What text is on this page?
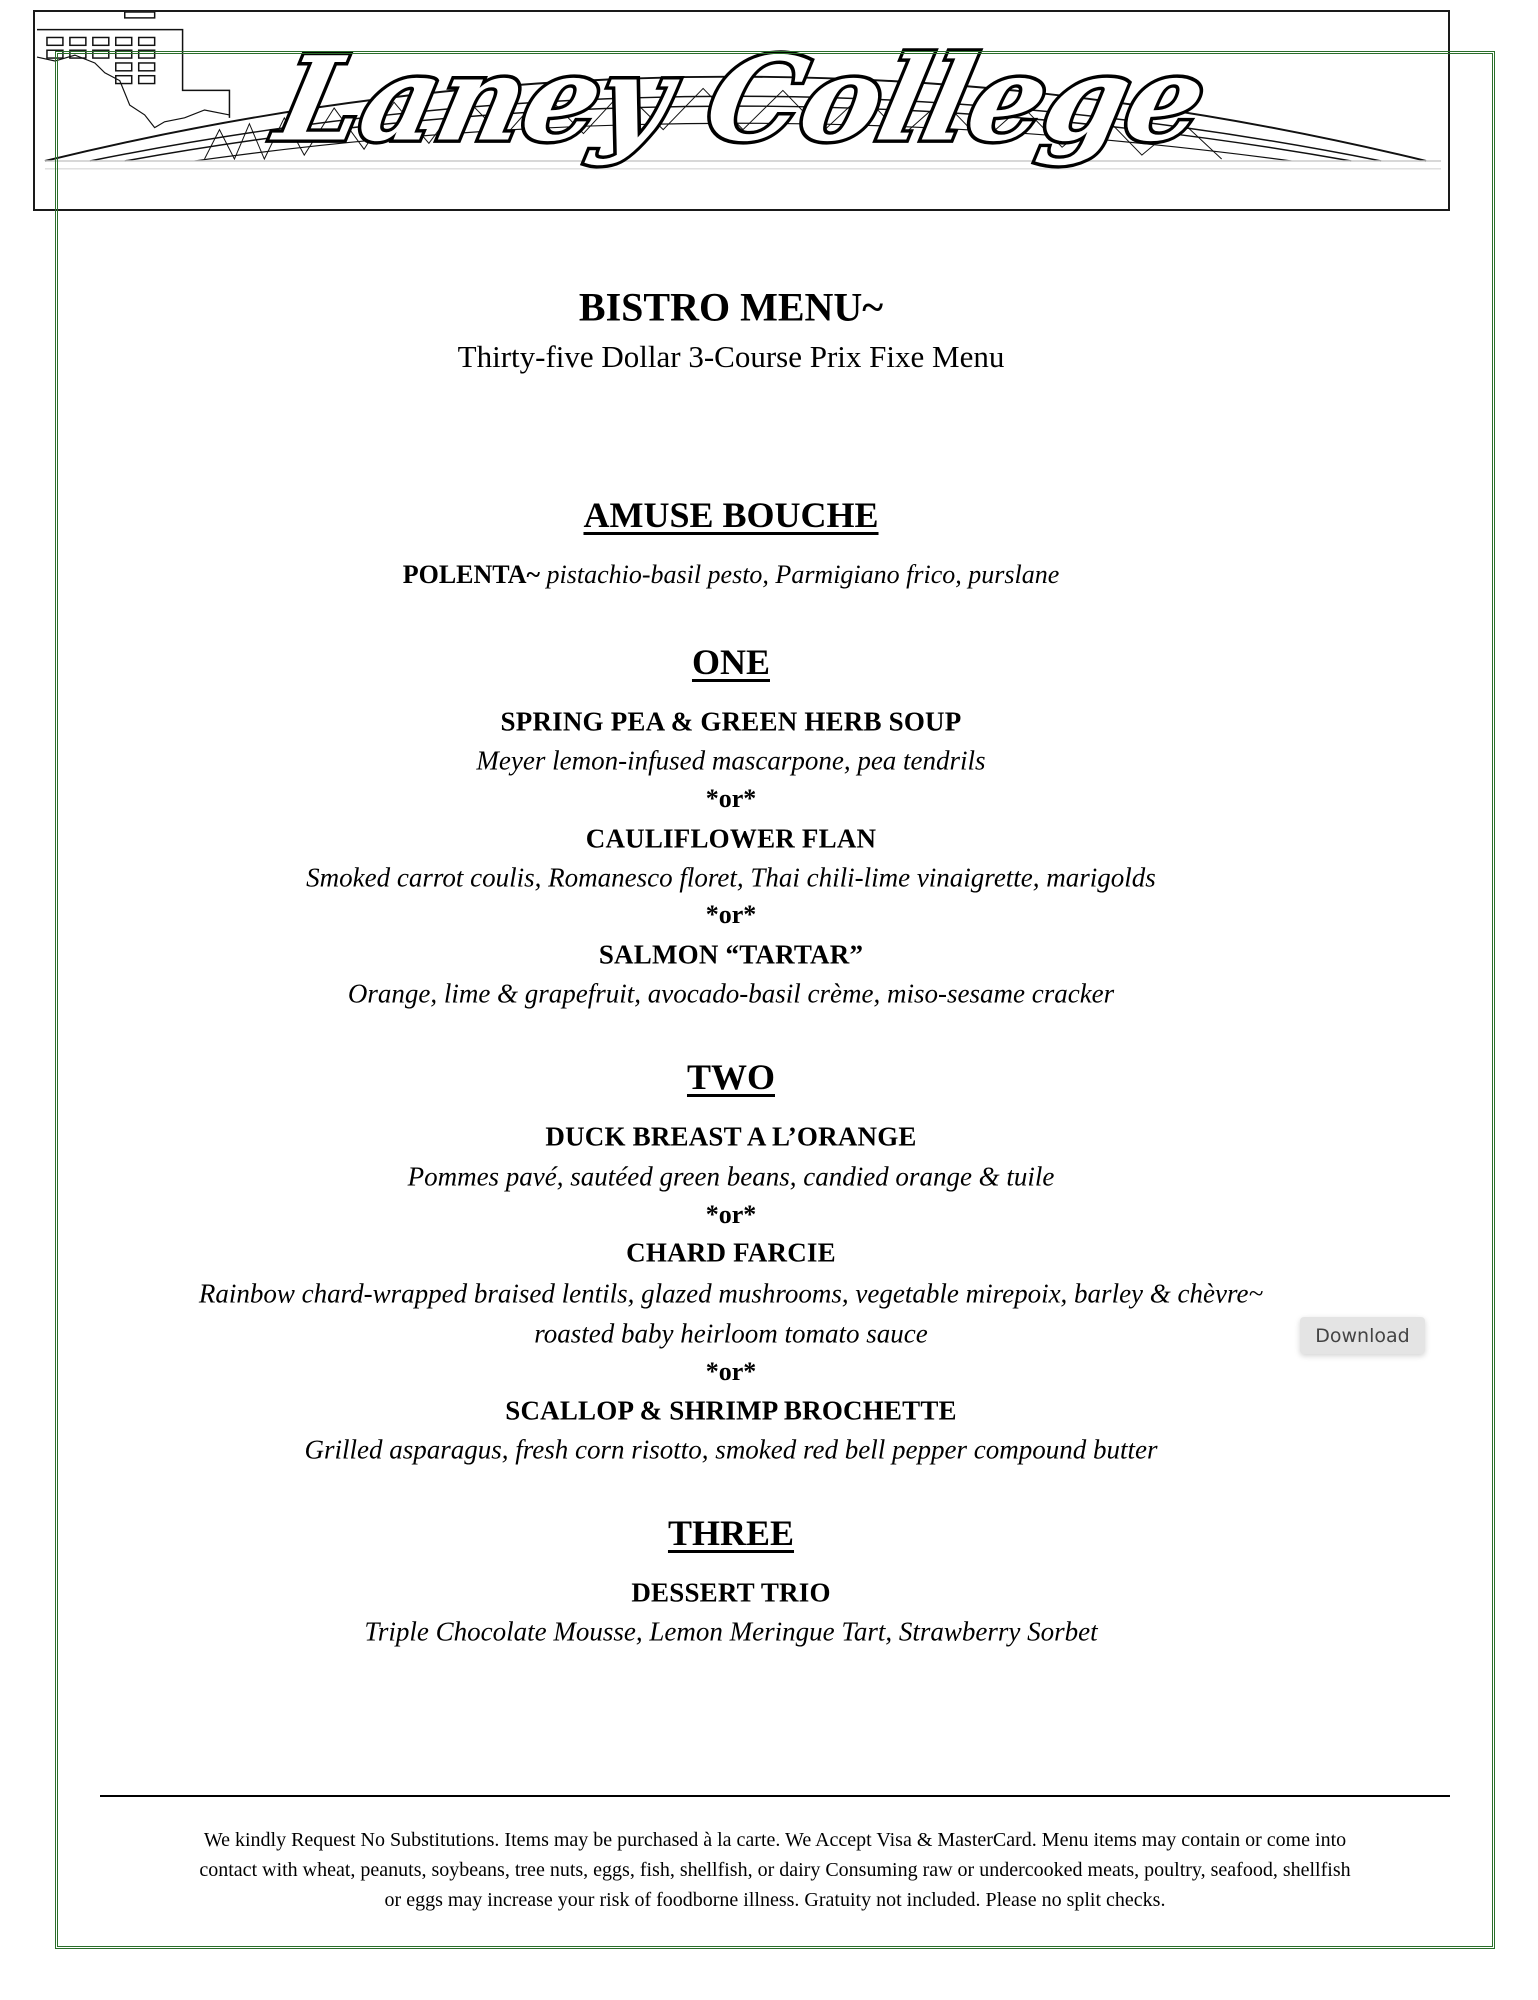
Laney College
BISTRO MENU~
Thirty-five Dollar 3-Course Prix Fixe Menu
AMUSE BOUCHE
POLENTA~ pistachio-basil pesto, Parmigiano frico, purslane
ONE
SPRING PEA & GREEN HERB SOUP
Meyer lemon-infused mascarpone, pea tendrils
*or*
CAULIFLOWER FLAN
Smoked carrot coulis, Romanesco floret, Thai chili-lime vinaigrette, marigolds
*or*
SALMON “TARTAR”
Orange, lime & grapefruit, avocado-basil crème, miso-sesame cracker
TWO
DUCK BREAST A L’ORANGE
Pommes pavé, sautéed green beans, candied orange & tuile
*or*
CHARD FARCIE
Rainbow chard-wrapped braised lentils, glazed mushrooms, vegetable mirepoix, barley & chèvre~
roasted baby heirloom tomato sauce
*or*
SCALLOP & SHRIMP BROCHETTE
Grilled asparagus, fresh corn risotto, smoked red bell pepper compound butter
THREE
DESSERT TRIO
Triple Chocolate Mousse, Lemon Meringue Tart, Strawberry Sorbet
We kindly Request No Substitutions. Items may be purchased à la carte. We Accept Visa & MasterCard. Menu items may contain or come into
contact with wheat, peanuts, soybeans, tree nuts, eggs, fish, shellfish, or dairy Consuming raw or undercooked meats, poultry, seafood, shellfish
or eggs may increase your risk of foodborne illness. Gratuity not included. Please no split checks.
Download
